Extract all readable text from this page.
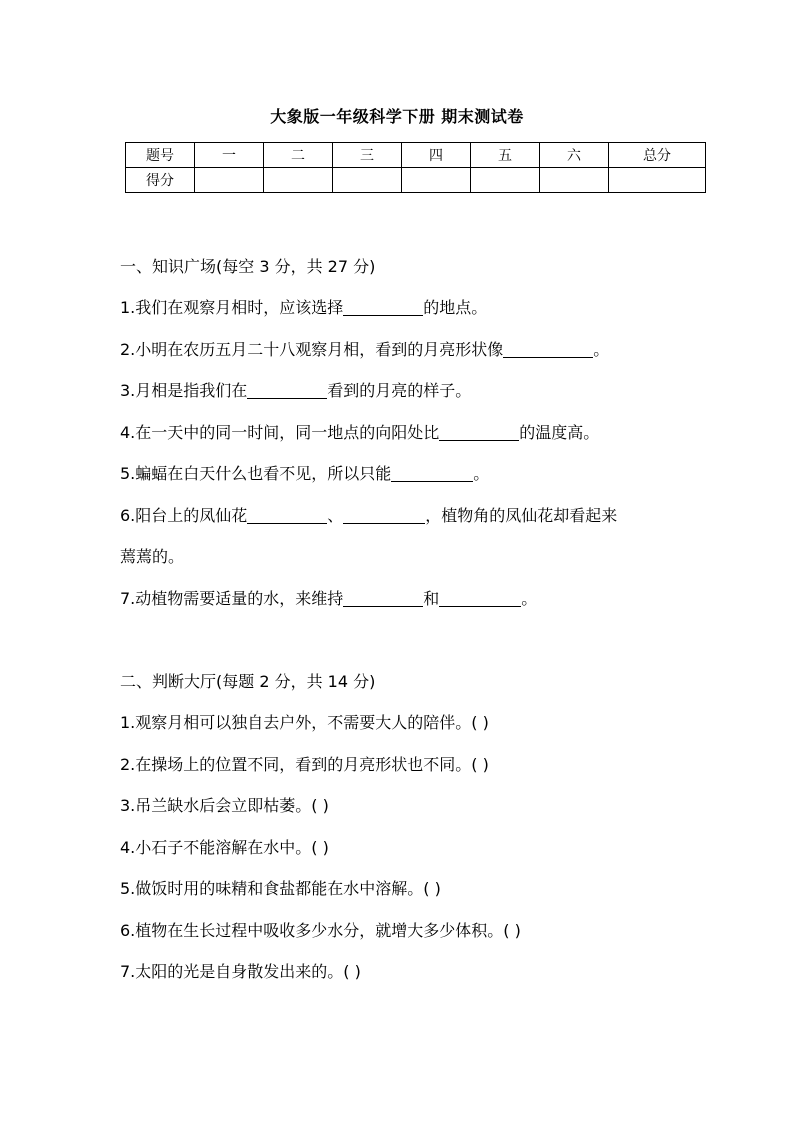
大象版一年级科学下册 期末测试卷
题号	一	二	三	四	五	六	总分
得分							
一、知识广场(每空 3 分，共 27 分)
1.我们在观察月相时，应该选择	的地点。
2.小明在农历五月二十八观察月相，看到的月亮形状像	。
3.月相是指我们在	看到的月亮的样子。
4.在一天中的同一时间，同一地点的向阳处比	的温度高。
5.蝙蝠在白天什么也看不见，所以只能	。
6.阳台上的凤仙花	、	，植物角的凤仙花却看起来
蔫蔫的。
7.动植物需要适量的水，来维持	和	。
二、判断大厅(每题 2 分，共 14 分)
1.观察月相可以独自去户外，不需要大人的陪伴。( )
2.在操场上的位置不同，看到的月亮形状也不同。( )
3.吊兰缺水后会立即枯萎。( )
4.小石子不能溶解在水中。( )
5.做饭时用的味精和食盐都能在水中溶解。( )
6.植物在生长过程中吸收多少水分，就增大多少体积。( )
7.太阳的光是自身散发出来的。( )
